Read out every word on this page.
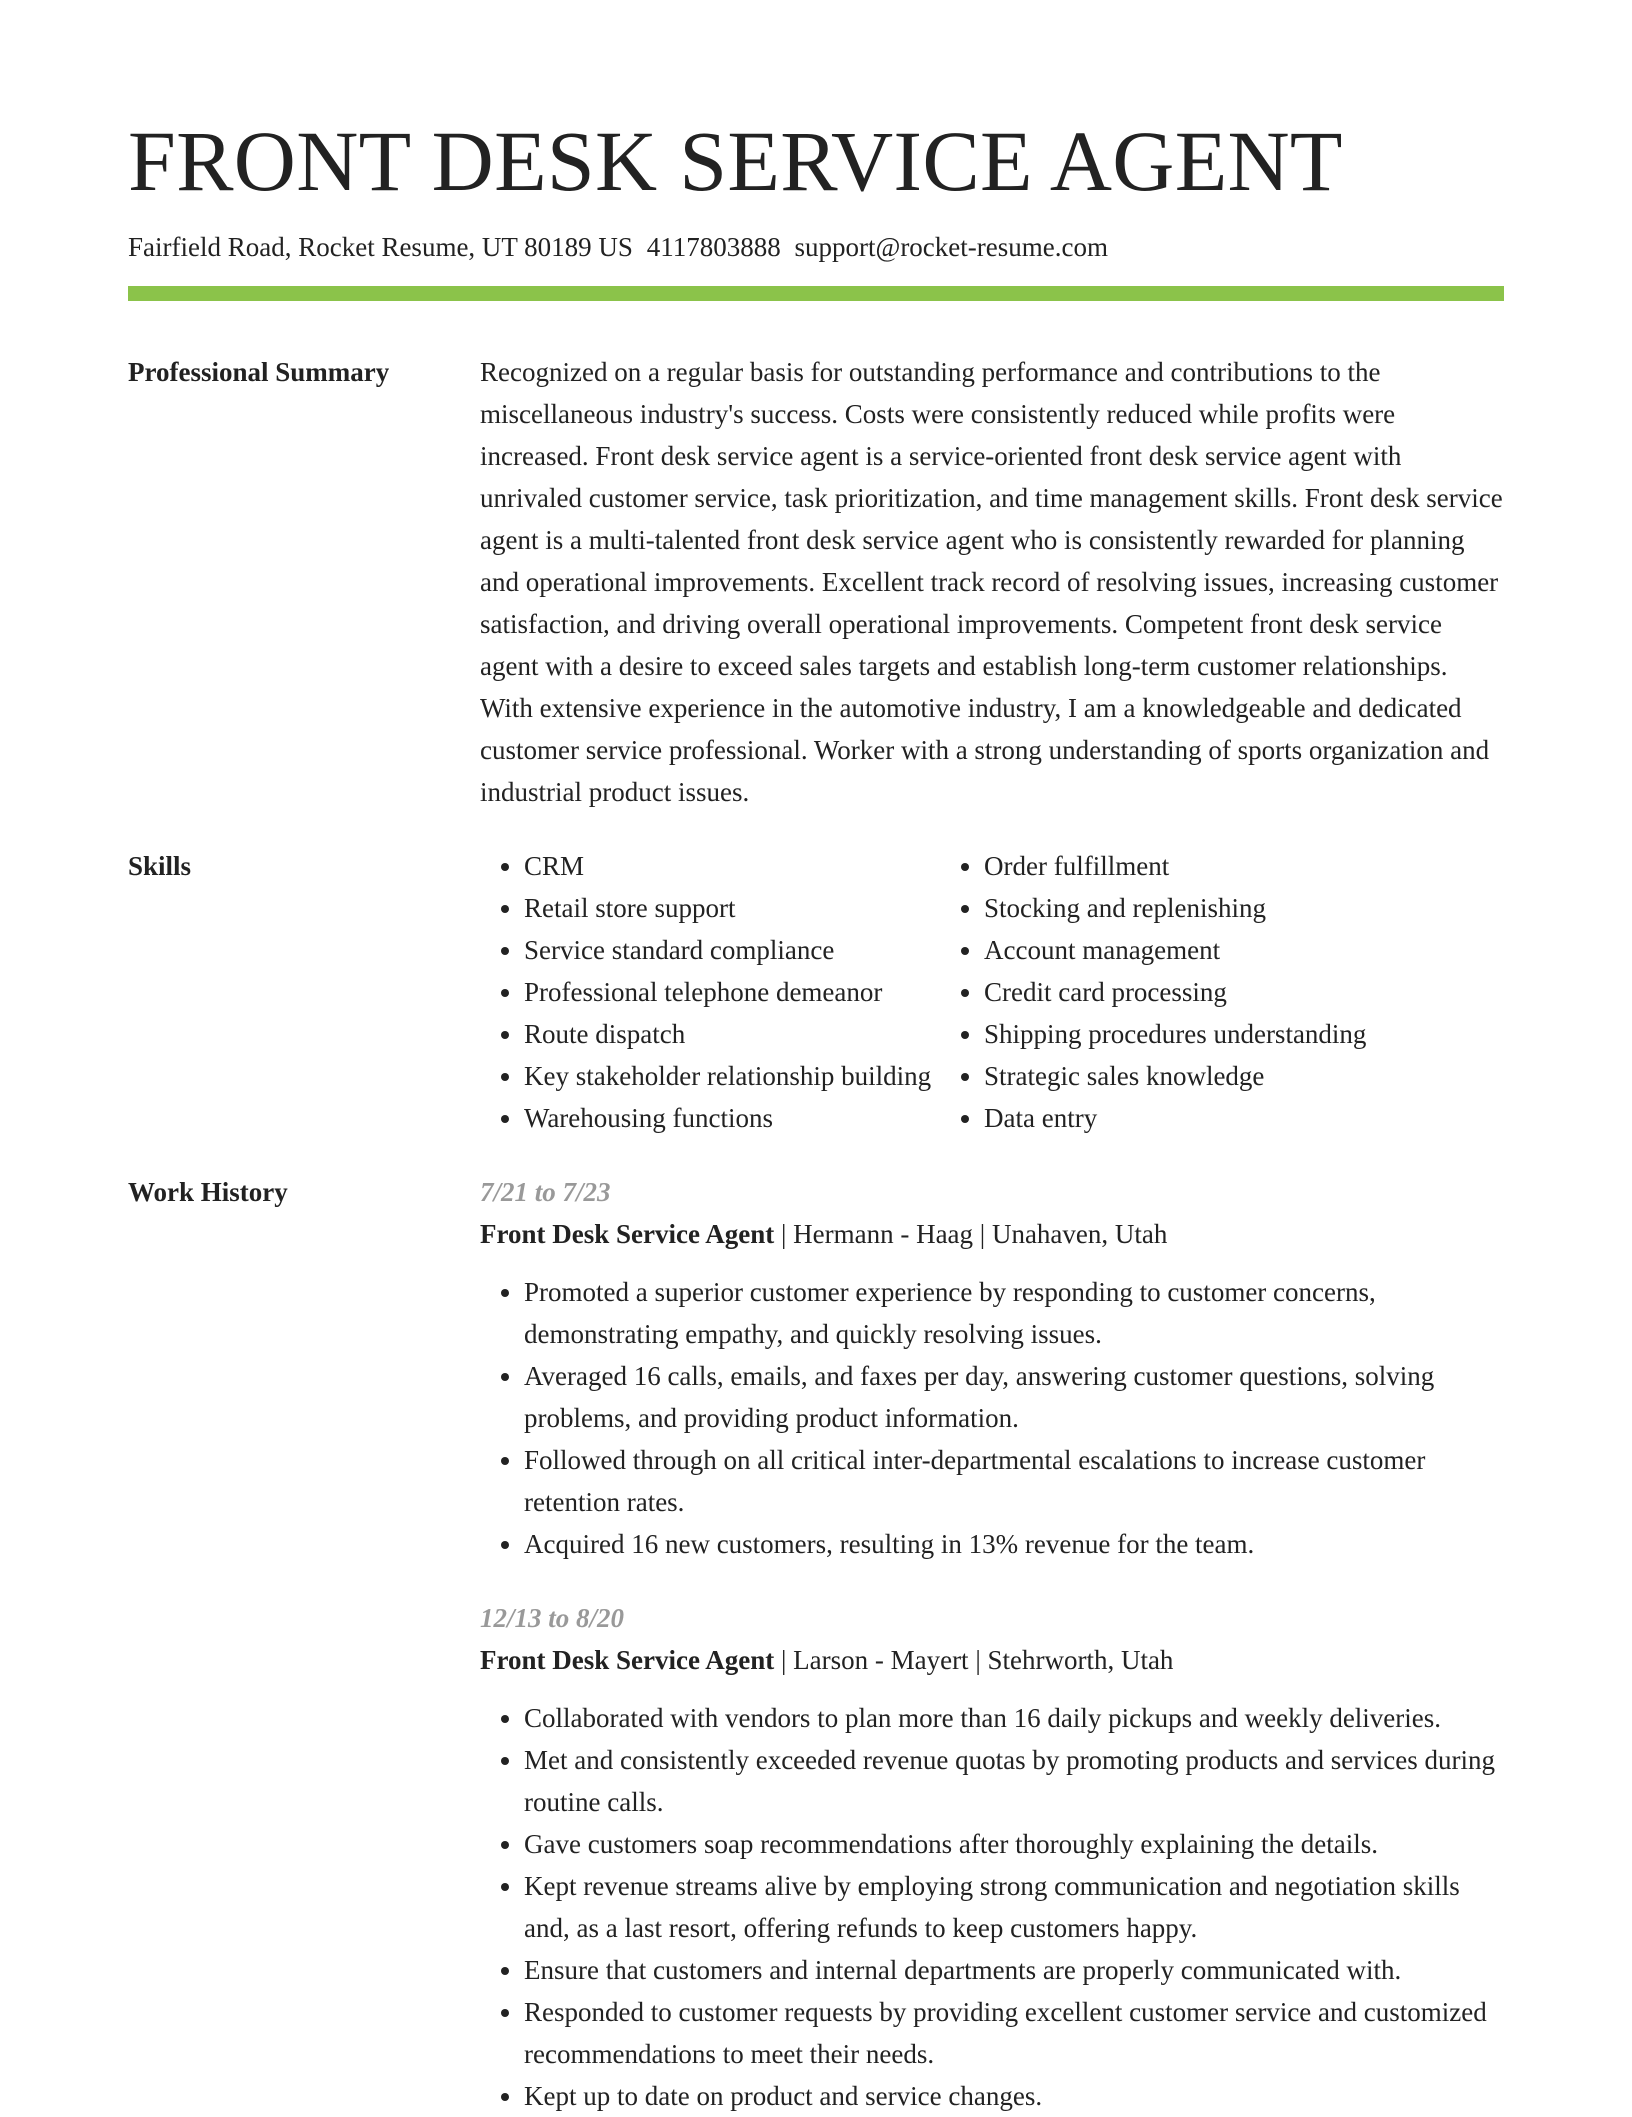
FRONT DESK SERVICE AGENT
Fairfield Road, Rocket Resume, UT 80189 US 4117803888 support@rocket-resume.com
Professional Summary	Recognized on a regular basis for outstanding performance and contributions to the miscellaneous industry's success. Costs were consistently reduced while profits were increased. Front desk service agent is a service-oriented front desk service agent with unrivaled customer service, task prioritization, and time management skills. Front desk service agent is a multi-talented front desk service agent who is consistently rewarded for planning and operational improvements. Excellent track record of resolving issues, increasing customer satisfaction, and driving overall operational improvements. Competent front desk service agent with a desire to exceed sales targets and establish long-term customer relationships. With extensive experience in the automotive industry, I am a knowledgeable and dedicated customer service professional. Worker with a strong understanding of sports organization and industrial product issues.

Skills
•	CRM
• Retail store support
• Service standard compliance
• Professional telephone demeanor
• Route dispatch
• Key stakeholder relationship building
• Warehousing functions
• Order fulfillment
• Stocking and replenishing
• Account management
• Credit card processing
• Shipping procedures understanding
• Strategic sales knowledge
• Data entry
Work History	7/21 to 7/23
Front Desk Service Agent | Hermann - Haag | Unahaven, Utah
• Promoted a superior customer experience by responding to customer concerns, demonstrating empathy, and quickly resolving issues.
• Averaged 16 calls, emails, and faxes per day, answering customer questions, solving problems, and providing product information.
• Followed through on all critical inter-departmental escalations to increase customer retention rates.
• Acquired 16 new customers, resulting in 13% revenue for the team.
12/13 to 8/20
Front Desk Service Agent | Larson - Mayert | Stehrworth, Utah
• Collaborated with vendors to plan more than 16 daily pickups and weekly deliveries.
• Met and consistently exceeded revenue quotas by promoting products and services during routine calls.
• Gave customers soap recommendations after thoroughly explaining the details.
• Kept revenue streams alive by employing strong communication and negotiation skills and, as a last resort, offering refunds to keep customers happy.
• Ensure that customers and internal departments are properly communicated with.
• Responded to customer requests by providing excellent customer service and customized recommendations to meet their needs.
• Kept up to date on product and service changes.
